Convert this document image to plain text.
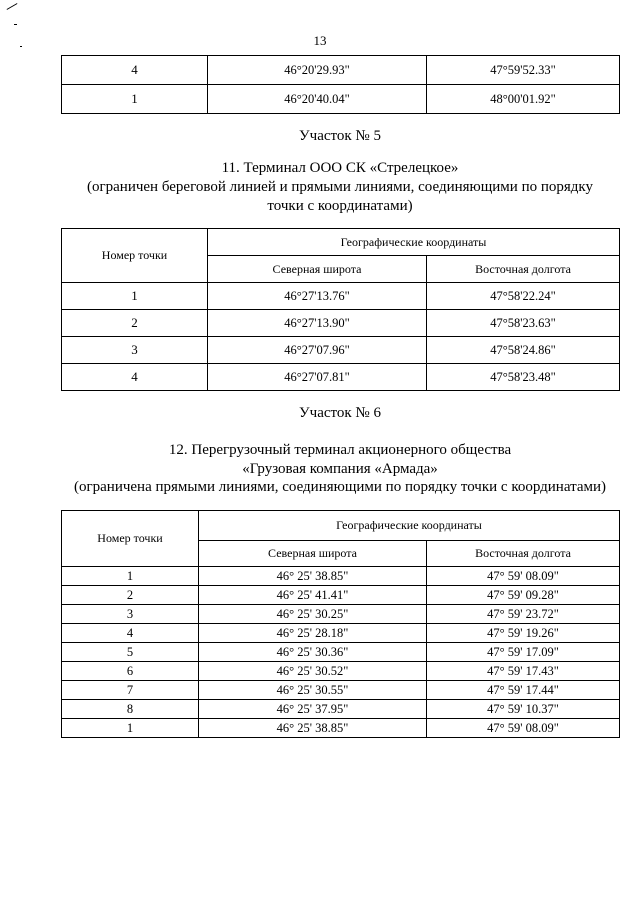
13
4	46°20'29.93"	47°59'52.33"
1	46°20'40.04"	48°00'01.92"
Участок № 5
11. Терминал ООО СК «Стрелецкое»
(ограничен береговой линией и прямыми линиями, соединяющими по порядку
точки с координатами)
Номер точки	Географические координаты	
	Северная широта	Восточная долгота
1	46°27'13.76"	47°58'22.24"
2	46°27'13.90"	47°58'23.63"
3	46°27'07.96"	47°58'24.86"
4	46°27'07.81"	47°58'23.48"
Участок № 6
12. Перегрузочный терминал акционерного общества
«Грузовая компания «Армада»
(ограничена прямыми линиями, соединяющими по порядку точки с координатами)
Номер точки	Географические координаты	
	Северная широта	Восточная долгота
1	46° 25' 38.85"	47° 59' 08.09"
2	46° 25' 41.41"	47° 59' 09.28"
3	46° 25' 30.25"	47° 59' 23.72"
4	46° 25' 28.18"	47° 59' 19.26"
5	46° 25' 30.36"	47° 59' 17.09"
6	46° 25' 30.52"	47° 59' 17.43"
7	46° 25' 30.55"	47° 59' 17.44"
8	46° 25' 37.95"	47° 59' 10.37"
1	46° 25' 38.85"	47° 59' 08.09"
